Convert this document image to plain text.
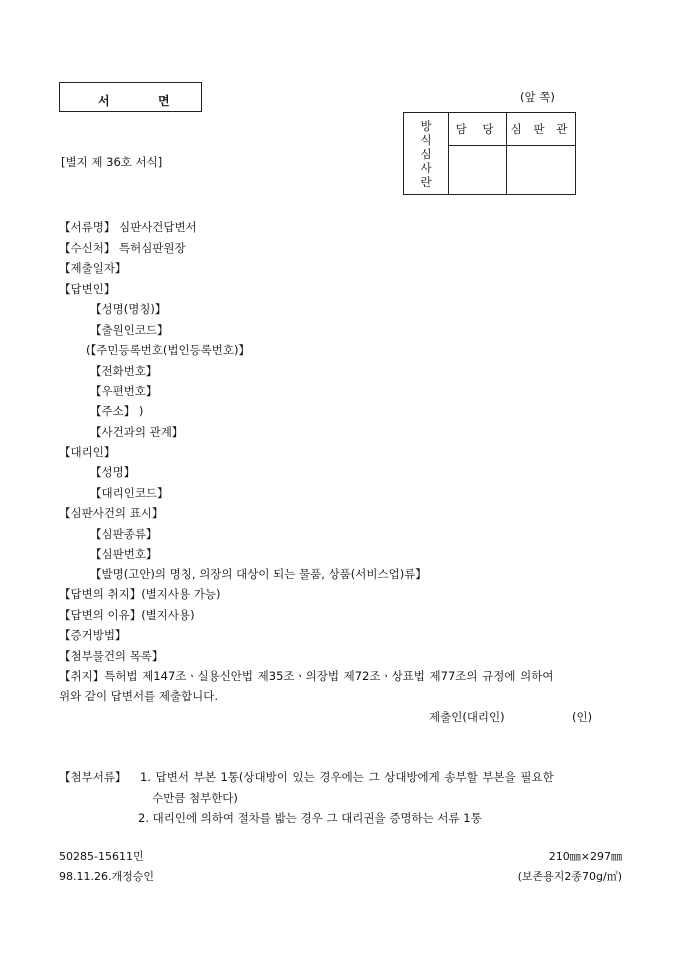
서	면	(앞 쪽)
[별지 제 36호 서식]
방
식
심
사
란	담 당	심 판 관

【서류명】 심판사건답변서
【수신처】 특허심판원장
【제출일자】
【답변인】
【성명(명칭)】
【출원인코드】
(【주민등록번호(법인등록번호)】
【전화번호】
【우편번호】
【주소】 )
【사건과의 관계】
【대리인】
【성명】
【대리인코드】
【심판사건의 표시】
【심판종류】
【심판번호】
【발명(고안)의 명칭, 의장의 대상이 되는 물품, 상품(서비스업)류】
【답변의 취지】(별지사용 가능)
【답변의 이유】(별지사용)
【증거방법】
【첨부물건의 목록】
【취지】특허법 제147조ㆍ실용신안법 제35조ㆍ의장법 제72조ㆍ상표법 제77조의 규정에 의하여
위와 같이 답변서를 제출합니다.
제출인(대리인)	(인)
【첨부서류】 1. 답변서 부본 1통(상대방이 있는 경우에는 그 상대방에게 송부할 부본을 필요한
수만큼 첨부한다)
2. 대리인에 의하여 절차를 밟는 경우 그 대리권을 증명하는 서류 1통
50285-15611민
98.11.26.개정승인
210㎜×297㎜
(보존용지2종70g/㎡)
